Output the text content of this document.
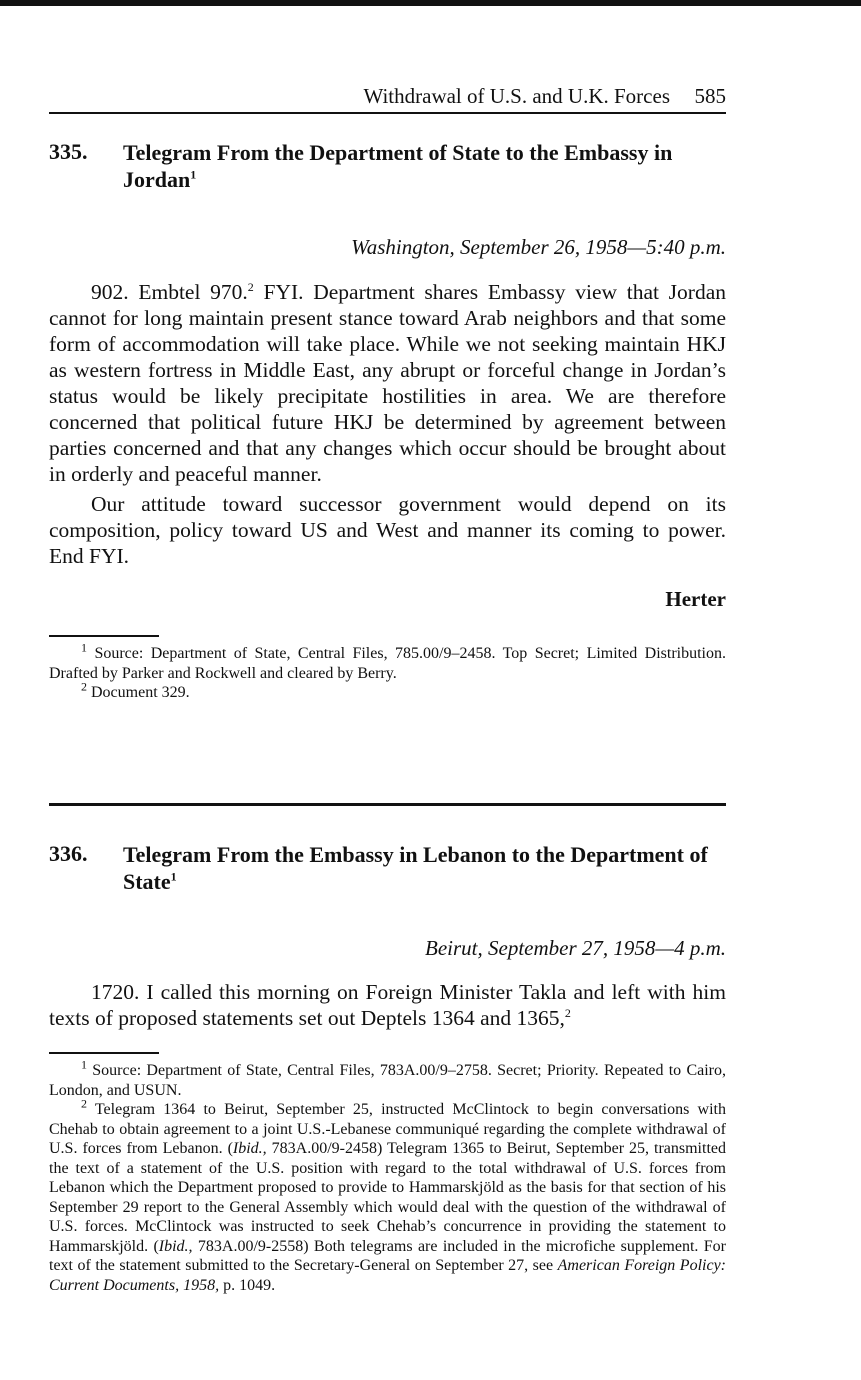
Withdrawal of U.S. and U.K. Forces 585
335. Telegram From the Department of State to the Embassy in Jordan$^1$
Washington, September 26, 1958—5:40 p.m.

902. Embtel 970.$^2$ FYI. Department shares Embassy view that Jordan cannot for long maintain present stance toward Arab neighbors and that some form of accommodation will take place. While we not seeking maintain HKJ as western fortress in Middle East, any abrupt or forceful change in Jordan’s status would be likely precipitate hostilities in area. We are therefore concerned that political future HKJ be determined by agreement between parties concerned and that any changes which occur should be brought about in orderly and peaceful manner.

Our attitude toward successor government would depend on its composition, policy toward US and West and manner its coming to power. End FYI.

Herter

$^1$ Source: Department of State, Central Files, 785.00/9–2458. Top Secret; Limited Distribution. Drafted by Parker and Rockwell and cleared by Berry.

$^2$ Document 329.

336. Telegram From the Embassy in Lebanon to the Department of State$^1$
Beirut, September 27, 1958—4 p.m.

1720. I called this morning on Foreign Minister Takla and left with him texts of proposed statements set out Deptels 1364 and 1365,$^2$

$^1$ Source: Department of State, Central Files, 783A.00/9–2758. Secret; Priority. Repeated to Cairo, London, and USUN.

$^2$ Telegram 1364 to Beirut, September 25, instructed McClintock to begin conversations with Chehab to obtain agreement to a joint U.S.-Lebanese communiqué regarding the complete withdrawal of U.S. forces from Lebanon. (Ibid., 783A.00/9-2458) Telegram 1365 to Beirut, September 25, transmitted the text of a statement of the U.S. position with regard to the total withdrawal of U.S. forces from Lebanon which the Department proposed to provide to Hammarskjöld as the basis for that section of his September 29 report to the General Assembly which would deal with the question of the withdrawal of U.S. forces. McClintock was instructed to seek Chehab’s concurrence in providing the statement to Hammarskjöld. (Ibid., 783A.00/9-2558) Both telegrams are included in the microfiche supplement. For text of the statement submitted to the Secretary-General on September 27, see American Foreign Policy: Current Documents, 1958, p. 1049.
